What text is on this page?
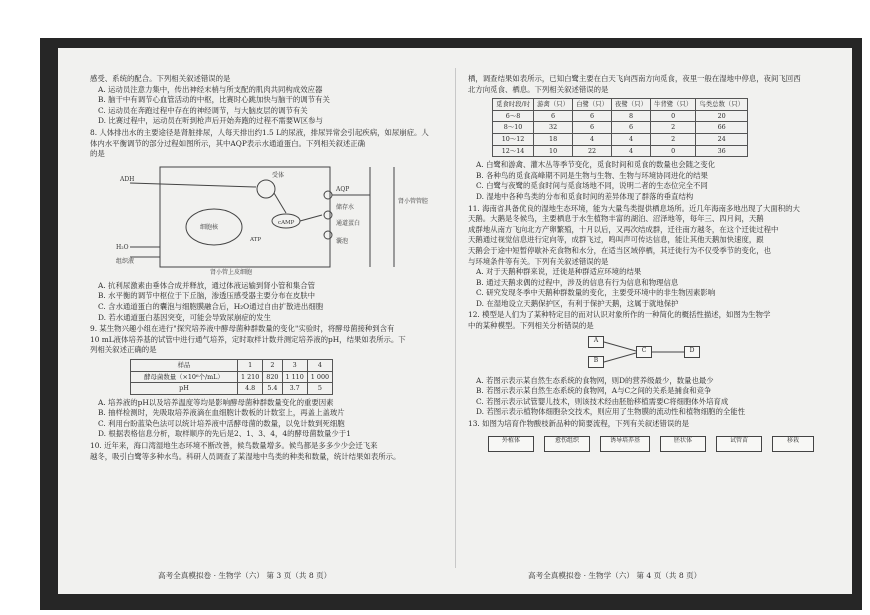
感受、系统的配合。下列相关叙述错误的是
A. 运动员注意力集中，传出神经末梢与所支配的肌肉共同构成效应器
B. 脑干中有调节心血管活动的中枢，比赛时心跳加快与脑干的调节有关
C. 运动员在奔跑过程中存在的神经调节，与大脑皮层的调节有关
D. 比赛过程中，运动员在听到枪声后开始奔跑的过程不需要W区参与
8. 人体排出水的主要途径是肾脏排尿，人每天排出约1.5 L的尿液，排尿异常会引起疾病，如尿崩症。人
体内水平衡调节的部分过程如图所示，其中AQP表示水通道蛋白。下列相关叙述正确
的是
ADH
受体
cAMP
ATP
H₂O
储存水
通道蛋白
肾小管上皮细胞
肾小管管腔
组织液
细胞核
AQP
囊泡
A. 抗利尿激素由垂体合成并释放，通过体液运输到肾小管和集合管
B. 水平衡的调节中枢位于下丘脑，渗透压感受器主要分布在皮肤中
C. 含水通道蛋白的囊泡与细胞膜融合后，H₂O通过自由扩散进出细胞
D. 若水通道蛋白基因突变，可能会导致尿崩症的发生
9. 某生物兴趣小组在进行"探究培养液中酵母菌种群数量的变化"实验时，将酵母菌接种到含有
10 mL液体培养基的试管中进行通气培养，定时取样计数并测定培养液的pH，结果如表所示。下
列相关叙述正确的是
样品	1	2	3	4
酵母菌数量（×10⁶个/mL）	1 210	820	1 110	1 000
pH	4.8	5.4	3.7	5
A. 培养液的pH以及培养温度等均是影响酵母菌种群数量变化的重要因素
B. 抽样检测时，先吸取培养液滴在血细胞计数板的计数室上，再盖上盖玻片
C. 利用台盼蓝染色法可以统计培养液中活酵母菌的数量，以免计数到死细胞
D. 根据表格信息分析，取样顺序的先后是2、1、3、4，4的酵母菌数量少于1
10. 近年来，海口湾湿地生态环境不断改善，候鸟数量增多。候鸟都是多多少少会迁飞来
越冬，吸引白鹭等多种水鸟。科研人员调查了某湿地中鸟类的种类和数量，统计结果如表所示。
栖，调查结果如表所示，已知白鹭主要在白天飞向西南方向觅食，夜里一般在湿地中停息，夜间飞回西
北方向觅食、栖息。下列相关叙述错误的是
觅食时段/时	游禽（只）	白鹭（只）	夜鹭（只）	牛背鹭（只）	鸟类总数（只）
6～8	6	6	8	0	20
8～10	32	6	6	2	66
10～12	18	4	4	2	24
12～14	10	22	4	0	36
A. 白鹭和游禽、灌木丛等季节变化，觅食时间和觅食的数量也会随之变化
B. 各种鸟的觅食高峰期不同是生物与生物、生物与环境协同进化的结果
C. 白鹭与夜鹭的觅食时间与觅食场地不同，说明二者的生态位完全不同
D. 湿地中各种鸟类的分布和觅食时间的差异体现了群落的垂直结构
11. 海南省具备优良的湿地生态环境，能为大量鸟类提供栖息场所。近几年海南多地出现了大面积的大
天鹅。大鹅是冬候鸟，主要栖息于水生植物丰富的湖泊、沼泽地等，每年三、四月间，天鹅
成群地从南方飞向北方产卵繁殖，十月以后，又再次结成群，迁往南方越冬，在这个迁徙过程中
天鹅通过视觉信息进行定向等，成群飞过，鸣叫声可传达信息，能让其他天鹅加快速度，跟
天鹅会于途中短暂停歇补充食物和水分，在适当区域停栖，其迁徙行为不仅受季节的变化，也
与环境条件等有关。下列有关叙述错误的是
A. 对于天鹅种群来说，迁徙是种群适应环境的结果
B. 通过天鹅求偶的过程中，涉及的信息有行为信息和物理信息
C. 研究发现冬季中天鹅种群数量的变化，主要受环境中的非生物因素影响
D. 在湿地设立天鹅保护区，有利于保护天鹅，这属于就地保护
12. 模型是人们为了某种特定目的而对认识对象所作的一种简化的概括性描述，如图为生物学
中的某种模型。下列相关分析错误的是
A
B
C	D
A. 若图示表示某自然生态系统的食物网，则D的营养级最少，数量也最少
B. 若图示表示某自然生态系统的食物网，A与C之间的关系是捕食和竞争
C. 若图示表示试管婴儿技术，则该技术经由胚胎移植需要C将细胞体外培育成
D. 若图示表示植物体细胞杂交技术，则应用了生物膜的流动性和植物细胞的全能性
13. 如图为培育作物酸枝新品种的简要流程，下列有关叙述错误的是
外植体	愈伤组织	诱导培养基	胚状体	试管苗	移栽
高考全真模拟卷 · 生物学（六） 第 3 页（共 8 页）	高考全真模拟卷 · 生物学（六） 第 4 页（共 8 页）
